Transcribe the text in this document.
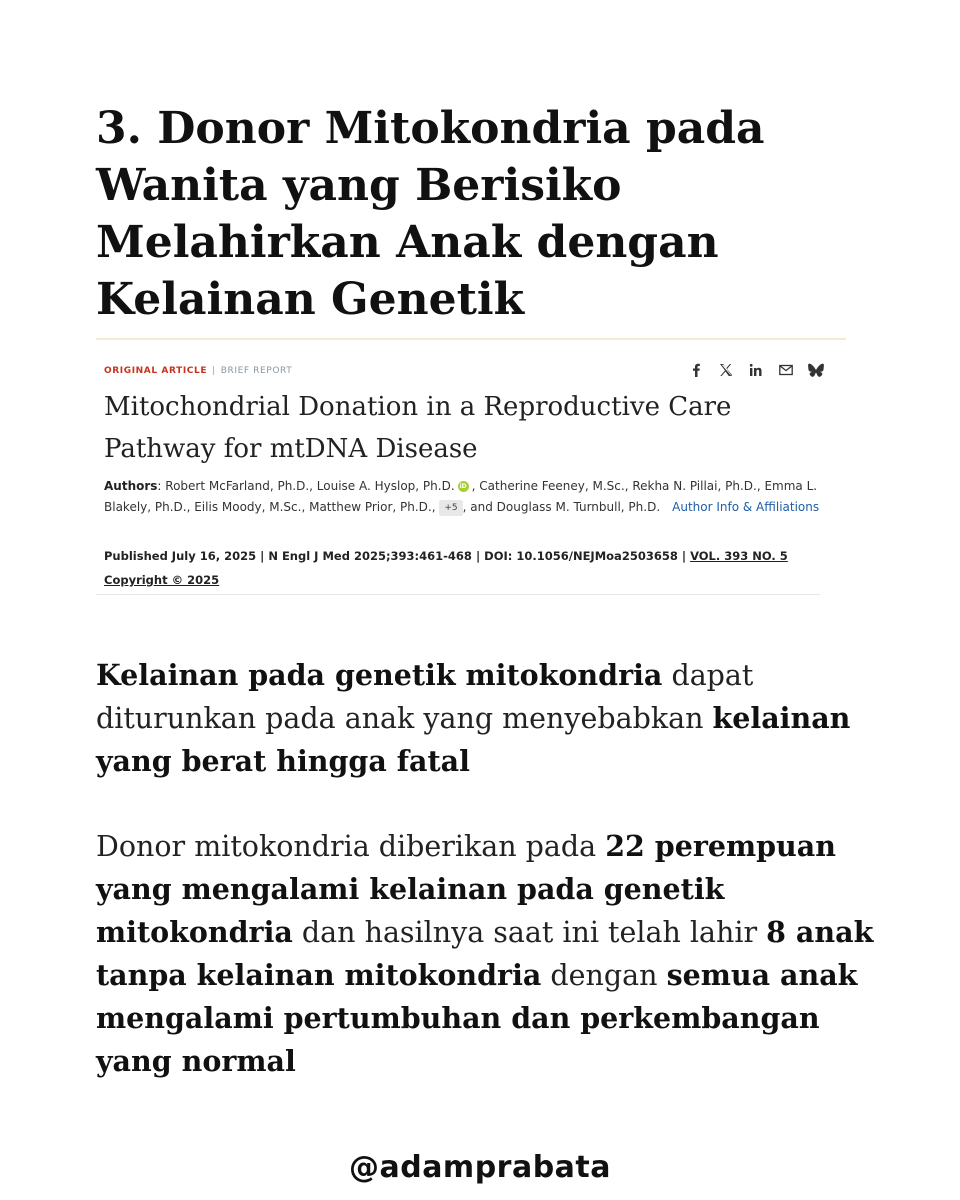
3. Donor Mitokondria pada Wanita yang Berisiko Melahirkan Anak dengan Kelainan Genetik
ORIGINAL ARTICLE | BRIEF REPORT
Mitochondrial Donation in a Reproductive Care Pathway for mtDNA Disease
Authors: Robert McFarland, Ph.D., Louise A. Hyslop, Ph.D. iD , Catherine Feeney, M.Sc., Rekha N. Pillai, Ph.D., Emma L. Blakely, Ph.D., Eilis Moody, M.Sc., Matthew Prior, Ph.D., +5 , and Douglass M. Turnbull, Ph.D. Author Info & Affiliations
Published July 16, 2025 | N Engl J Med 2025;393:461-468 | DOI: 10.1056/NEJMoa2503658 | VOL. 393 NO. 5
Copyright © 2025

Kelainan pada genetik mitokondria dapat diturunkan pada anak yang menyebabkan kelainan yang berat hingga fatal

Donor mitokondria diberikan pada 22 perempuan yang mengalami kelainan pada genetik mitokondria dan hasilnya saat ini telah lahir 8 anak tanpa kelainan mitokondria dengan semua anak mengalami pertumbuhan dan perkembangan yang normal

@adamprabata
